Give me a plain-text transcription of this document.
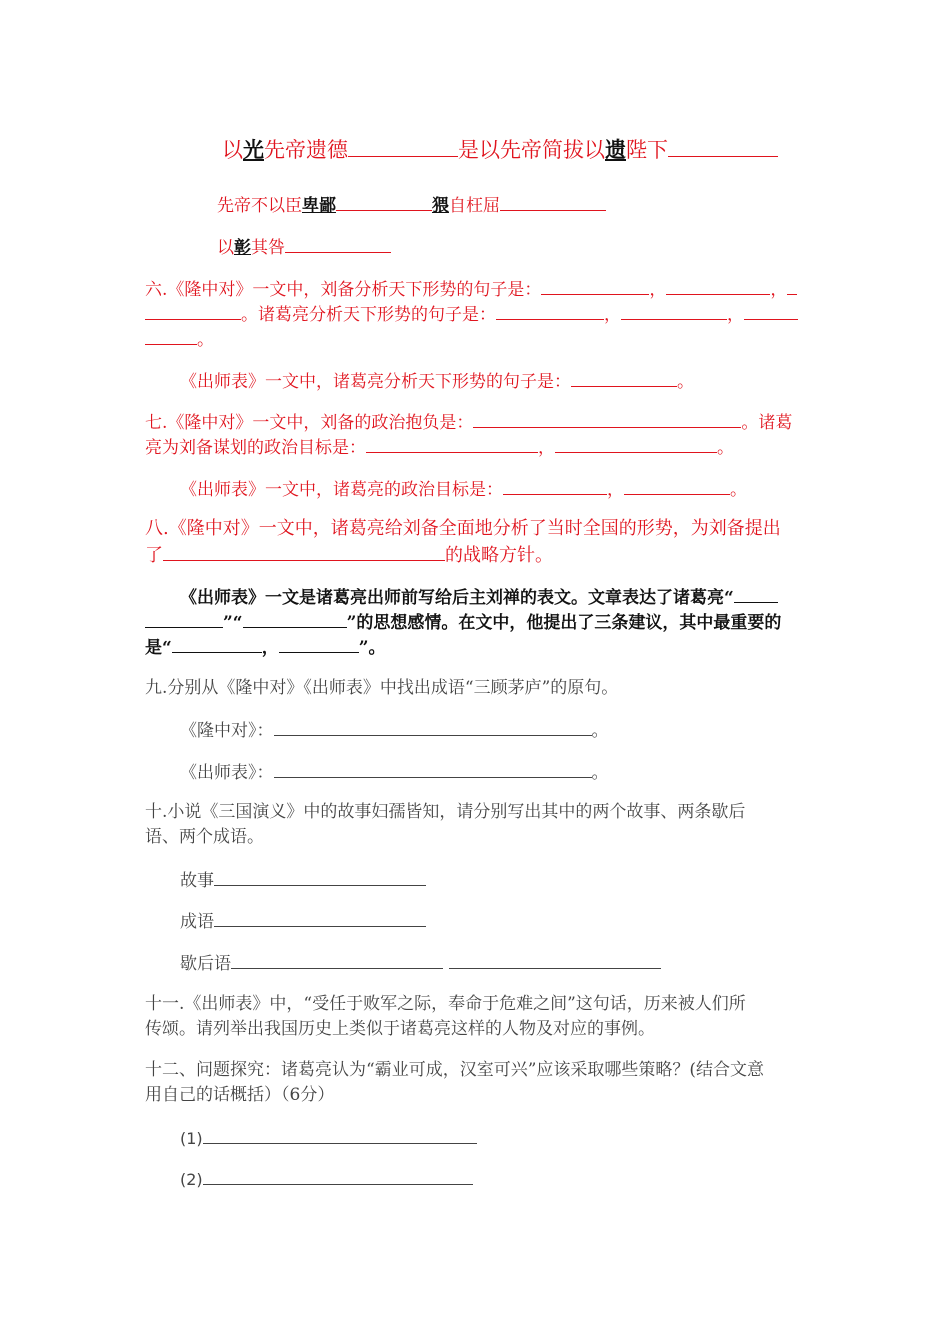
以光先帝遗德	是以先帝简拔以遗陛下
先帝不以臣卑鄙	猥自枉屈
以彰其咎
六.《隆中对》一文中，刘备分析天下形势的句子是：	，	，
。诸葛亮分析天下形势的句子是：	，	，
。
《出师表》一文中，诸葛亮分析天下形势的句子是：	。
七.《隆中对》一文中，刘备的政治抱负是：	。诸葛
亮为刘备谋划的政治目标是：	，	。
《出师表》一文中，诸葛亮的政治目标是：	，	。
八.《隆中对》一文中，诸葛亮给刘备全面地分析了当时全国的形势，为刘备提出
了	的战略方针。
《出师表》一文是诸葛亮出师前写给后主刘禅的表文。文章表达了诸葛亮“
”“	”的思想感情。在文中，他提出了三条建议，其中最重要的
是“	，	”。
九.分别从《隆中对》《出师表》中找出成语“三顾茅庐”的原句。
《隆中对》：	。
《出师表》：	。
十.小说《三国演义》中的故事妇孺皆知，请分别写出其中的两个故事、两条歇后
语、两个成语。
故事
成语
歇后语
十一.《出师表》中，“受任于败军之际，奉命于危难之间”这句话，历来被人们所
传颂。请列举出我国历史上类似于诸葛亮这样的人物及对应的事例。
十二、问题探究：诸葛亮认为“霸业可成，汉室可兴”应该采取哪些策略？(结合文意
用自己的话概括）（6分）
(1)
(2)
